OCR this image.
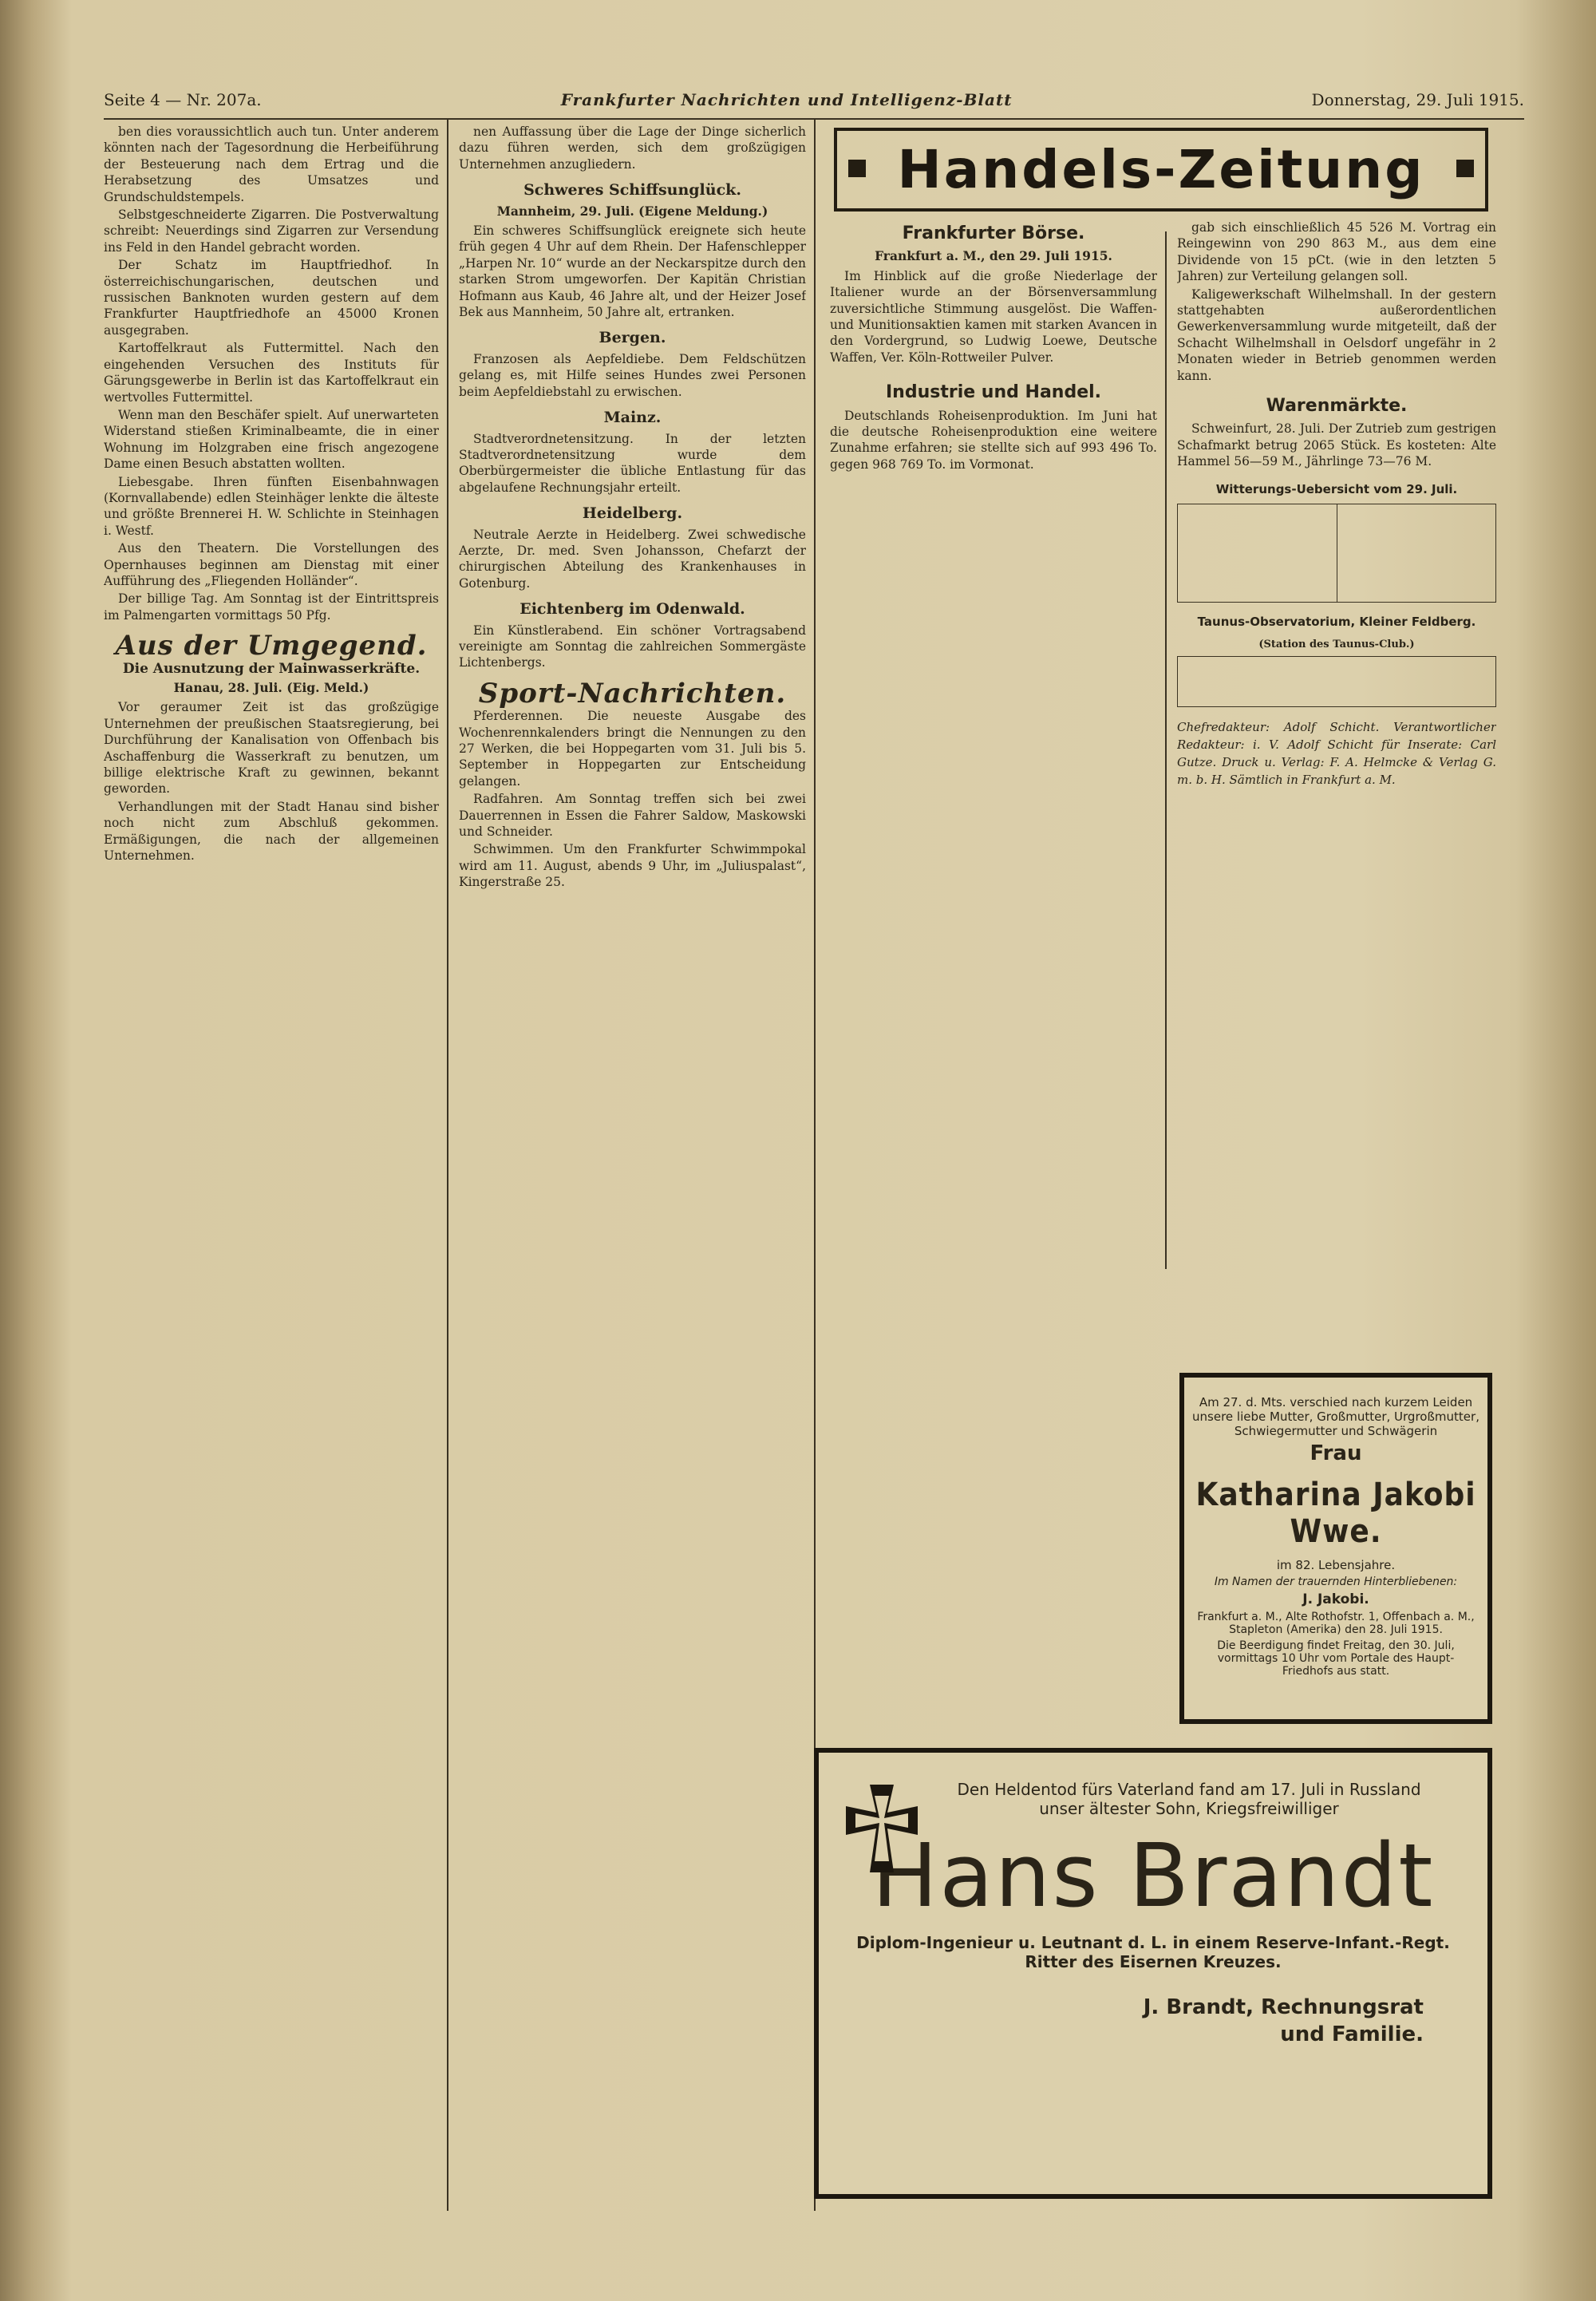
Seite 4 — Nr. 207a.	Frankfurter Nachrichten und Intelligenz-Blatt	Donnerstag, 29. Juli 1915.

ben dies voraussichtlich auch tun. Unter anderem könnten nach der Tagesordnung die Herbeiführung der Besteuerung nach dem Ertrag und die Herabsetzung des Umsatzes und Grundschuldstempels.

Selbstgeschneiderte Zigarren. Die Postverwaltung schreibt: Neuerdings sind Zigarren zur Versendung ins Feld in den Handel gebracht worden.

Der Schatz im Hauptfriedhof. In österreichischungarischen, deutschen und russischen Banknoten wurden gestern auf dem Frankfurter Hauptfriedhofe an 45000 Kronen ausgegraben.

Kartoffelkraut als Futtermittel. Nach den eingehenden Versuchen des Instituts für Gärungsgewerbe in Berlin ist das Kartoffelkraut ein wertvolles Futtermittel.

Wenn man den Beschäfer spielt. Auf unerwarteten Widerstand stießen Kriminalbeamte, die in einer Wohnung im Holzgraben eine frisch angezogene Dame einen Besuch abstatten wollten.

Liebesgabe. Ihren fünften Eisenbahnwagen (Kornvallabende) edlen Steinhäger lenkte die älteste und größte Brennerei H. W. Schlichte in Steinhagen i. Westf.

Aus den Theatern. Die Vorstellungen des Opernhauses beginnen am Dienstag mit einer Aufführung des „Fliegenden Holländer“.

Der billige Tag. Am Sonntag ist der Eintrittspreis im Palmengarten vormittags 50 Pfg.

Aus der Umgegend.
Die Ausnutzung der Mainwasserkräfte.
Hanau, 28. Juli. (Eig. Meld.)

Vor geraumer Zeit ist das großzügige Unternehmen der preußischen Staatsregierung, bei Durchführung der Kanalisation von Offenbach bis Aschaffenburg die Wasserkraft zu benutzen, um billige elektrische Kraft zu gewinnen, bekannt geworden.

Verhandlungen mit der Stadt Hanau sind bisher noch nicht zum Abschluß gekommen. Ermäßigungen, die nach der allgemeinen Unternehmen.

nen Auffassung über die Lage der Dinge sicherlich dazu führen werden, sich dem großzügigen Unternehmen anzugliedern.

Schweres Schiffsunglück.
Mannheim, 29. Juli. (Eigene Meldung.)

Ein schweres Schiffsunglück ereignete sich heute früh gegen 4 Uhr auf dem Rhein. Der Hafenschlepper „Harpen Nr. 10“ wurde an der Neckarspitze durch den starken Strom umgeworfen. Der Kapitän Christian Hofmann aus Kaub, 46 Jahre alt, und der Heizer Josef Bek aus Mannheim, 50 Jahre alt, ertranken.

Bergen.

Franzosen als Aepfeldiebe. Dem Feldschützen gelang es, mit Hilfe seines Hundes zwei Personen beim Aepfeldiebstahl zu erwischen.

Mainz.

Stadtverordnetensitzung. In der letzten Stadtverordnetensitzung wurde dem Oberbürgermeister die übliche Entlastung für das abgelaufene Rechnungsjahr erteilt.

Heidelberg.

Neutrale Aerzte in Heidelberg. Zwei schwedische Aerzte, Dr. med. Sven Johansson, Chefarzt der chirurgischen Abteilung des Krankenhauses in Gotenburg.

Eichtenberg im Odenwald.

Ein Künstlerabend. Ein schöner Vortragsabend vereinigte am Sonntag die zahlreichen Sommergäste Lichtenbergs.

Sport-Nachrichten.

Pferderennen. Die neueste Ausgabe des Wochenrennkalenders bringt die Nennungen zu den 27 Werken, die bei Hoppegarten vom 31. Juli bis 5. September in Hoppegarten zur Entscheidung gelangen.

Radfahren. Am Sonntag treffen sich bei zwei Dauerrennen in Essen die Fahrer Saldow, Maskowski und Schneider.

Schwimmen. Um den Frankfurter Schwimmpokal wird am 11. August, abends 9 Uhr, im „Juliuspalast“, Kingerstraße 25.

Handels-Zeitung
Frankfurter Börse.
Frankfurt a. M., den 29. Juli 1915.

Im Hinblick auf die große Niederlage der Italiener wurde an der Börsenversammlung zuversichtliche Stimmung ausgelöst. Die Waffen- und Munitionsaktien kamen mit starken Avancen in den Vordergrund, so Ludwig Loewe, Deutsche Waffen, Ver. Köln-Rottweiler Pulver.

Industrie und Handel.

Deutschlands Roheisenproduktion. Im Juni hat die deutsche Roheisenproduktion eine weitere Zunahme erfahren; sie stellte sich auf 993 496 To. gegen 968 769 To. im Vormonat.

gab sich einschließlich 45 526 M. Vortrag ein Reingewinn von 290 863 M., aus dem eine Dividende von 15 pCt. (wie in den letzten 5 Jahren) zur Verteilung gelangen soll.

Kaligewerkschaft Wilhelmshall. In der gestern stattgehabten außerordentlichen Gewerkenversammlung wurde mitgeteilt, daß der Schacht Wilhelmshall in Oelsdorf ungefähr in 2 Monaten wieder in Betrieb genommen werden kann.

Warenmärkte.

Schweinfurt, 28. Juli. Der Zutrieb zum gestrigen Schafmarkt betrug 2065 Stück. Es kosteten: Alte Hammel 56—59 M., Jährlinge 73—76 M.

Witterungs-Uebersicht vom 29. Juli.

Taunus-Observatorium, Kleiner Feldberg.
(Station des Taunus-Club.)
Chefredakteur: Adolf Schicht. Verantwortlicher Redakteur: i. V. Adolf Schicht für Inserate: Carl Gutze. Druck u. Verlag: F. A. Helmcke & Verlag G. m. b. H. Sämtlich in Frankfurt a. M.
Am 27. d. Mts. verschied nach kurzem Leiden unsere liebe Mutter, Großmutter, Urgroßmutter, Schwiegermutter und Schwägerin
Frau
Katharina Jakobi Wwe.
im 82. Lebensjahre.
Im Namen der trauernden Hinterbliebenen:
J. Jakobi.
Frankfurt a. M., Alte Rothofstr. 1, Offenbach a. M., Stapleton (Amerika) den 28. Juli 1915.
Die Beerdigung findet Freitag, den 30. Juli, vormittags 10 Uhr vom Portale des Haupt-Friedhofs aus statt.
Den Heldentod fürs Vaterland fand am 17. Juli in Russland unser ältester Sohn, Kriegsfreiwilliger
Hans Brandt
Diplom-Ingenieur u. Leutnant d. L. in einem Reserve-Infant.-Regt. Ritter des Eisernen Kreuzes.
J. Brandt, Rechnungsrat
und Familie.
